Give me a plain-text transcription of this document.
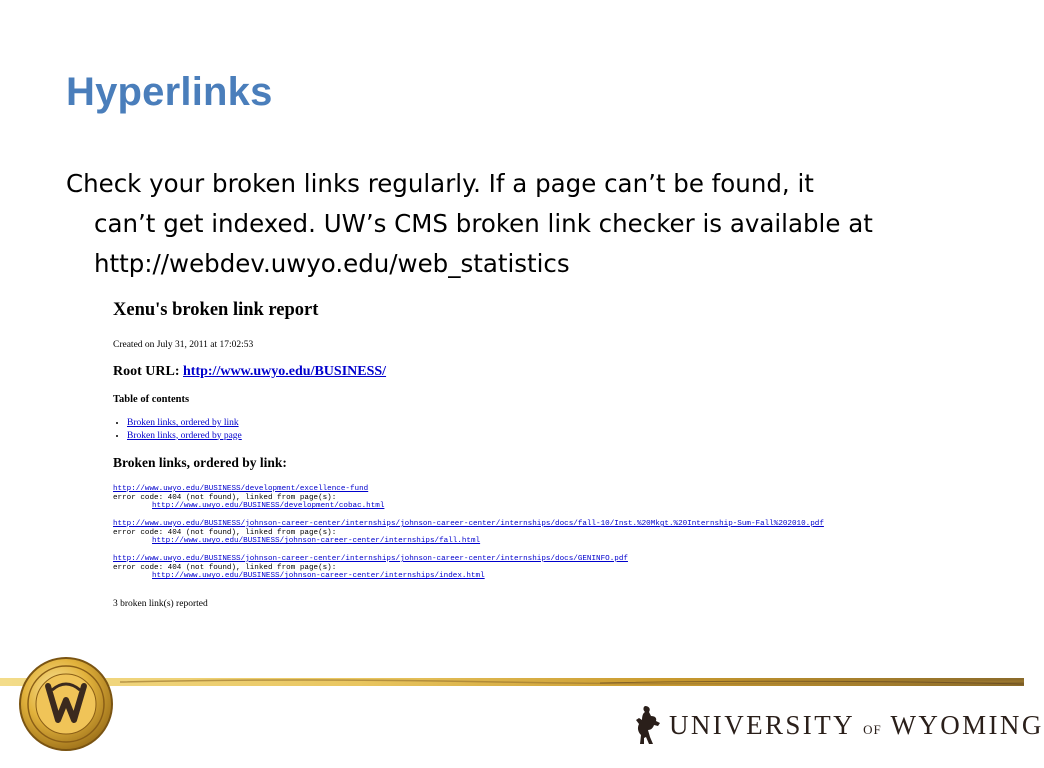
Hyperlinks

Check your broken links regularly. If a page can’t be found, it
can’t get indexed. UW’s CMS broken link checker is available at
http://webdev.uwyo.edu/web_statistics

Xenu's broken link report
Created on July 31, 2011 at 17:02:53
Root URL: http://www.uwyo.edu/BUSINESS/
Table of contents
• Broken links, ordered by link
• Broken links, ordered by page
Broken links, ordered by link:
http://www.uwyo.edu/BUSINESS/development/excellence-fund
error code: 404 (not found), linked from page(s):
http://www.uwyo.edu/BUSINESS/development/cobac.html
http://www.uwyo.edu/BUSINESS/johnson-career-center/internships/johnson-career-center/internships/docs/fall-10/Inst.%20Mkgt.%20Internship-Sum-Fall%202010.pdf
error code: 404 (not found), linked from page(s):
http://www.uwyo.edu/BUSINESS/johnson-career-center/internships/fall.html
http://www.uwyo.edu/BUSINESS/johnson-career-center/internships/johnson-career-center/internships/docs/GENINFO.pdf
error code: 404 (not found), linked from page(s):
http://www.uwyo.edu/BUSINESS/johnson-career-center/internships/index.html
3 broken link(s) reported
UNIVERSITY OF WYOMING
